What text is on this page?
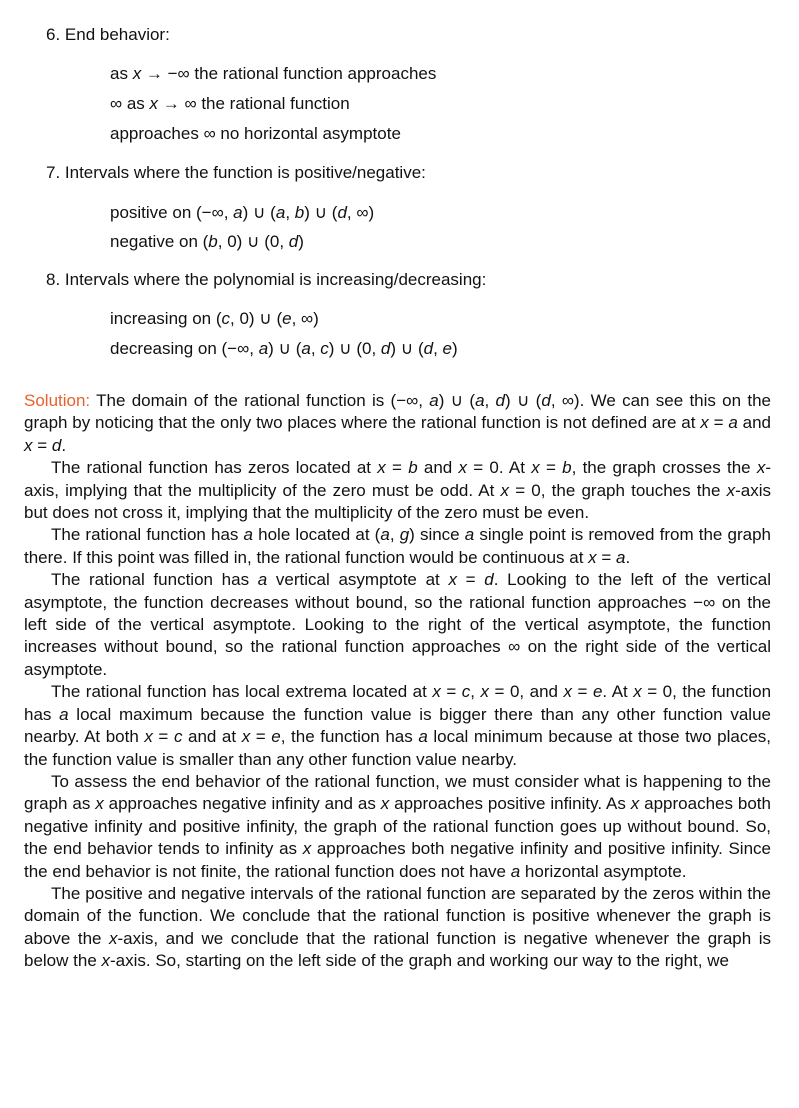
6. End behavior:
as x → −∞ the rational function approaches
∞ as x → ∞ the rational function
approaches ∞ no horizontal asymptote
7. Intervals where the function is positive/negative:
positive on (−∞, a) ∪ (a, b) ∪ (d, ∞)
negative on (b, 0) ∪ (0, d)
8. Intervals where the polynomial is increasing/decreasing:
increasing on (c, 0) ∪ (e, ∞)
decreasing on (−∞, a) ∪ (a, c) ∪ (0, d) ∪ (d, e)

Solution: The domain of the rational function is (−∞, a) ∪ (a, d) ∪ (d, ∞). We can see this on the graph by noticing that the only two places where the rational function is not defined are at x = a and x = d.

The rational function has zeros located at x = b and x = 0. At x = b, the graph crosses the x-axis, implying that the multiplicity of the zero must be odd. At x = 0, the graph touches the x-axis but does not cross it, implying that the multiplicity of the zero must be even.

The rational function has a hole located at (a, g) since a single point is removed from the graph there. If this point was filled in, the rational function would be continuous at x = a.

The rational function has a vertical asymptote at x = d. Looking to the left of the vertical asymptote, the function decreases without bound, so the rational function approaches −∞ on the left side of the vertical asymptote. Looking to the right of the vertical asymptote, the function increases without bound, so the rational function approaches ∞ on the right side of the vertical asymptote.

The rational function has local extrema located at x = c, x = 0, and x = e. At x = 0, the function has a local maximum because the function value is bigger there than any other function value nearby. At both x = c and at x = e, the function has a local minimum because at those two places, the function value is smaller than any other function value nearby.

To assess the end behavior of the rational function, we must consider what is happening to the graph as x approaches negative infinity and as x approaches positive infinity. As x approaches both negative infinity and positive infinity, the graph of the rational function goes up without bound. So, the end behavior tends to infinity as x approaches both negative infinity and positive infinity. Since the end behavior is not finite, the rational function does not have a horizontal asymptote.

The positive and negative intervals of the rational function are separated by the zeros within the domain of the function. We conclude that the rational function is positive whenever the graph is above the x-axis, and we conclude that the rational function is negative whenever the graph is below the x-axis. So, starting on the left side of the graph and working our way to the right, we
